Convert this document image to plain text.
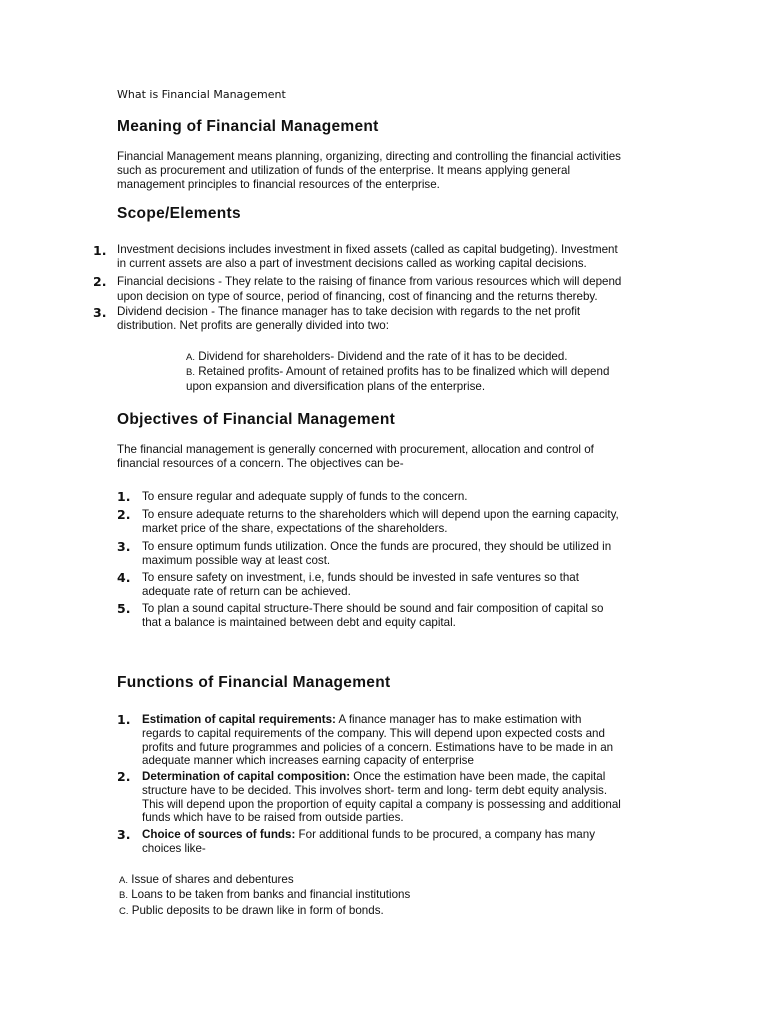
What is Financial Management
Meaning of Financial Management
Financial Management means planning, organizing, directing and controlling the financial activities
such as procurement and utilization of funds of the enterprise. It means applying general
management principles to financial resources of the enterprise.
Scope/Elements
1. Investment decisions includes investment in fixed assets (called as capital budgeting). Investment
in current assets are also a part of investment decisions called as working capital decisions.
2. Financial decisions - They relate to the raising of finance from various resources which will depend
upon decision on type of source, period of financing, cost of financing and the returns thereby.
3. Dividend decision - The finance manager has to take decision with regards to the net profit
distribution. Net profits are generally divided into two:
A. Dividend for shareholders- Dividend and the rate of it has to be decided.
B. Retained profits- Amount of retained profits has to be finalized which will depend
upon expansion and diversification plans of the enterprise.
Objectives of Financial Management
The financial management is generally concerned with procurement, allocation and control of
financial resources of a concern. The objectives can be-
1. To ensure regular and adequate supply of funds to the concern.
2. To ensure adequate returns to the shareholders which will depend upon the earning capacity,
market price of the share, expectations of the shareholders.
3. To ensure optimum funds utilization. Once the funds are procured, they should be utilized in
maximum possible way at least cost.
4. To ensure safety on investment, i.e, funds should be invested in safe ventures so that
adequate rate of return can be achieved.
5. To plan a sound capital structure-There should be sound and fair composition of capital so
that a balance is maintained between debt and equity capital.
Functions of Financial Management
1. Estimation of capital requirements: A finance manager has to make estimation with
regards to capital requirements of the company. This will depend upon expected costs and
profits and future programmes and policies of a concern. Estimations have to be made in an
adequate manner which increases earning capacity of enterprise
2. Determination of capital composition: Once the estimation have been made, the capital
structure have to be decided. This involves short- term and long- term debt equity analysis.
This will depend upon the proportion of equity capital a company is possessing and additional
funds which have to be raised from outside parties.
3. Choice of sources of funds: For additional funds to be procured, a company has many
choices like-
A. Issue of shares and debentures
B. Loans to be taken from banks and financial institutions
C. Public deposits to be drawn like in form of bonds.
